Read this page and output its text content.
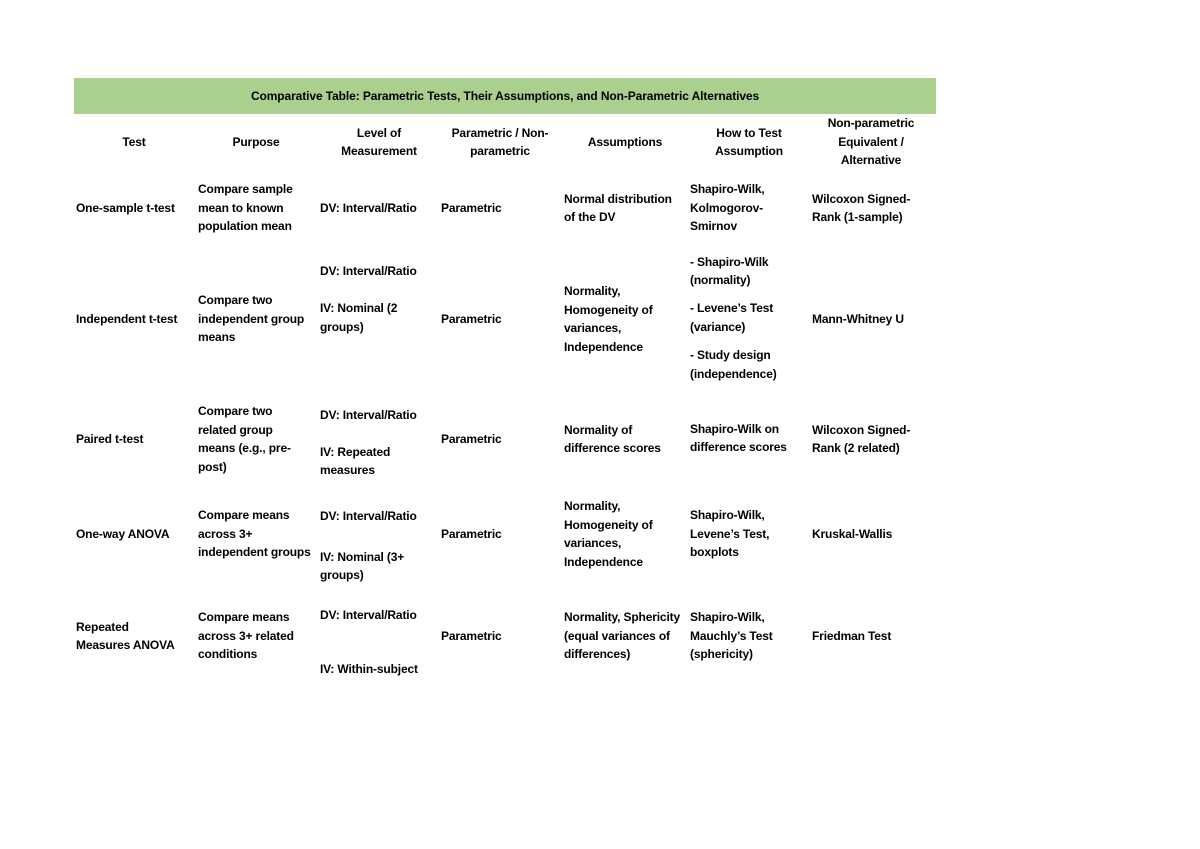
Comparative Table: Parametric Tests, Their Assumptions, and Non-Parametric Alternatives
Test	Purpose
Level of
Measurement
Parametric / Non-
parametric
Assumptions
How to Test
Assumption
Non-parametric
Equivalent /
Alternative
One-sample t-test
Compare sample
mean to known
population mean
DV: Interval/Ratio	Parametric
Normal distribution
of the DV
Shapiro-Wilk,
Kolmogorov-
Smirnov
Wilcoxon Signed-
Rank (1-sample)
Independent t-test
Compare two
independent group
means
DV: Interval/Ratio
IV: Nominal (2
groups)
Parametric
Normality,
Homogeneity of
variances,
Independence
- Shapiro-Wilk
(normality)
- Levene’s Test
(variance)
- Study design
(independence)
Mann-Whitney U
Paired t-test
Compare two
related group
means (e.g., pre-
post)
DV: Interval/Ratio
IV: Repeated
measures
Parametric
Normality of
difference scores
Shapiro-Wilk on
difference scores
Wilcoxon Signed-
Rank (2 related)
One-way ANOVA
Compare means
across 3+
independent groups
DV: Interval/Ratio
IV: Nominal (3+
groups)
Parametric
Normality,
Homogeneity of
variances,
Independence
Shapiro-Wilk,
Levene’s Test,
boxplots
Kruskal-Wallis
Repeated
Measures ANOVA
Compare means
across 3+ related
conditions
DV: Interval/Ratio
IV: Within-subject
Parametric
Normality, Sphericity
(equal variances of
differences)
Shapiro-Wilk,
Mauchly’s Test
(sphericity)
Friedman Test
